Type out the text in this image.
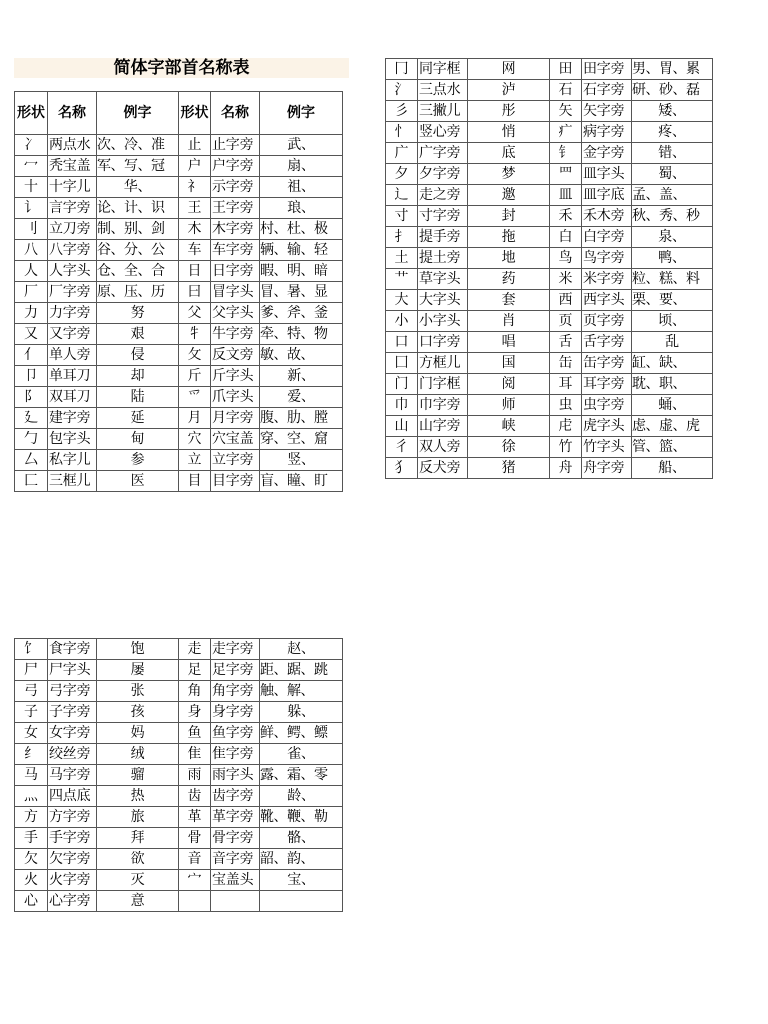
简体字部首名称表
形状	名称	例字	形状	名称	例字
冫	两点水	次、冷、准	止	止字旁	武、
冖	秃宝盖	军、写、冠	户	户字旁	扇、
十	十字儿	华、	礻	示字旁	祖、
讠	言字旁	论、计、识	王	王字旁	琅、
刂	立刀旁	制、别、剑	木	木字旁	村、杜、极
八	八字旁	谷、分、公	车	车字旁	辆、输、轻
人	人字头	仓、全、合	日	日字旁	暇、明、暗
厂	厂字旁	原、压、历	曰	冒字头	冒、暑、显
力	力字旁	努	父	父字头	爹、斧、釜
又	又字旁	艰	牜	牛字旁	牵、特、物
亻	单人旁	侵	攵	反文旁	敏、故、
卩	单耳刀	却	斤	斤字头	新、
阝	双耳刀	陆	爫	爪字头	爱、
廴	建字旁	延	月	月字旁	腹、肋、膛
勹	包字头	甸	穴	穴宝盖	穿、空、窟
厶	私字儿	参	立	立字旁	竖、
匚	三框儿	医	目	目字旁	盲、瞳、盯
冂	同字框	网	田	田字旁	男、胃、累
氵	三点水	泸	石	石字旁	研、砂、磊
彡	三撇儿	彤	矢	矢字旁	矮、
忄	竖心旁	悄	疒	病字旁	疼、
广	广字旁	底	钅	金字旁	错、
夕	夕字旁	梦	罒	皿字头	蜀、
辶	走之旁	邀	皿	皿字底	孟、盖、
寸	寸字旁	封	禾	禾木旁	秋、秀、秒
扌	提手旁	拖	白	白字旁	泉、
土	提土旁	地	鸟	鸟字旁	鸭、
艹	草字头	药	米	米字旁	粒、糕、料
大	大字头	套	西	西字头	栗、要、
小	小字头	肖	页	页字旁	顷、
口	口字旁	唱	舌	舌字旁	乱
囗	方框儿	国	缶	缶字旁	缸、缺、
门	门字框	阅	耳	耳字旁	耽、职、
巾	巾字旁	师	虫	虫字旁	蛹、
山	山字旁	峡	虍	虎字头	虑、虚、虎
彳	双人旁	徐	竹	竹字头	管、篮、
犭	反犬旁	猪	舟	舟字旁	船、
饣	食字旁	饱	走	走字旁	赵、
尸	尸字头	屡	足	足字旁	距、踞、跳
弓	弓字旁	张	角	角字旁	触、解、
子	子字旁	孩	身	身字旁	躲、
女	女字旁	妈	鱼	鱼字旁	鲜、鳄、鳔
纟	绞丝旁	绒	隹	隹字旁	雀、
马	马字旁	骝	雨	雨字头	露、霜、零
灬	四点底	热	齿	齿字旁	龄、
方	方字旁	旅	革	革字旁	靴、鞭、勒
手	手字旁	拜	骨	骨字旁	骼、
欠	欠字旁	欲	音	音字旁	韶、韵、
火	火字旁	灭	宀	宝盖头	宝、
心	心字旁	意			
